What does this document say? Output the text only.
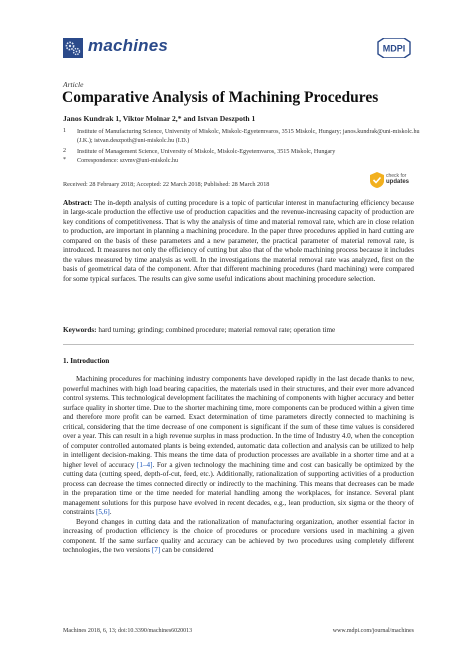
machines	MDPI
Article
Comparative Analysis of Machining Procedures
Janos Kundrak 1, Viktor Molnar 2,* and Istvan Deszpoth 1
1 Institute of Manufacturing Science, University of Miskolc, Miskolc-Egyetemvaros, 3515 Miskolc, Hungary; janos.kundrak@uni-miskolc.hu (J.K.); istvan.deszpoth@uni-miskolc.hu (I.D.)
2 Institute of Management Science, University of Miskolc, Miskolc-Egyetemvaros, 3515 Miskolc, Hungary
* Correspondence: szvmv@uni-miskolc.hu
Received: 28 February 2018; Accepted: 22 March 2018; Published: 28 March 2018
check for
updates
Abstract: The in-depth analysis of cutting procedure is a topic of particular interest in manufacturing efficiency because in large-scale production the effective use of production capacities and the revenue-increasing capacity of production are key conditions of competitiveness. That is why the analysis of time and material removal rate, which are in close relation to production, are important in planning a machining procedure. In the paper three procedures applied in hard cutting are compared on the basis of these parameters and a new parameter, the practical parameter of material removal rate, is introduced. It measures not only the efficiency of cutting but also that of the whole machining process because it includes the values measured by time analysis as well. In the investigations the material removal rate was analyzed, first on the basis of geometrical data of the component. After that different machining procedures (hard machining) were compared for some typical surfaces. The results can give some useful indications about machining procedure selection.
Keywords: hard turning; grinding; combined procedure; material removal rate; operation time
1. Introduction

Machining procedures for machining industry components have developed rapidly in the last decade thanks to new, powerful machines with high load bearing capacities, the materials used in their structures, and their ever more advanced control systems. This technological development facilitates the machining of components with higher accuracy and better surface quality in shorter time. Due to the shorter machining time, more components can be produced within a given time and therefore more profit can be earned. Exact determination of time parameters directly connected to machining is critical, considering that the time decrease of one component is significant if the sum of these time values is considered over a year. This can result in a high revenue surplus in mass production. In the time of Industry 4.0, when the conception of computer controlled automated plants is being extended, automatic data collection and analysis can be utilized to help in intelligent decision-making. This means the time data of production processes are available in a shorter time and at a higher level of accuracy [1–4]. For a given technology the machining time and cost can basically be optimized by the cutting data (cutting speed, depth-of-cut, feed, etc.). Additionally, rationalization of supporting activities of a production process can decrease the times connected directly or indirectly to the machining. This means that decreases can be made in the preparation time or the time needed for material handling among the workplaces, for instance. Several plant management solutions for this purpose have evolved in recent decades, e.g., lean production, six sigma or the theory of constraints [5,6].

Beyond changes in cutting data and the rationalization of manufacturing organization, another essential factor in increasing of production efficiency is the choice of procedures or procedure versions used in machining a given component. If the same surface quality and accuracy can be achieved by two procedures using completely different technologies, the two versions [7] can be considered

Machines 2018, 6, 13; doi:10.3390/machines6020013	www.mdpi.com/journal/machines
